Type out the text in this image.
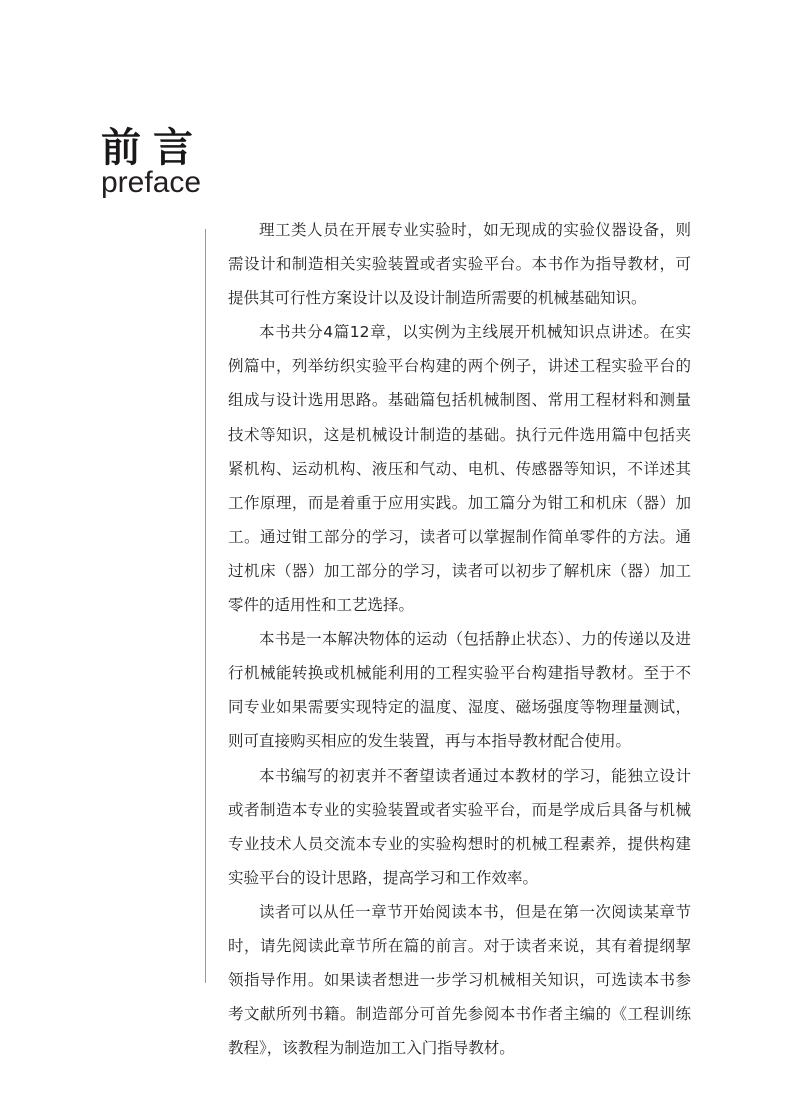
前言
preface

理工类人员在开展专业实验时，如无现成的实验仪器设备，则需设计和制造相关实验装置或者实验平台。本书作为指导教材，可提供其可行性方案设计以及设计制造所需要的机械基础知识。

本书共分4篇12章，以实例为主线展开机械知识点讲述。在实例篇中，列举纺织实验平台构建的两个例子，讲述工程实验平台的组成与设计选用思路。基础篇包括机械制图、常用工程材料和测量技术等知识，这是机械设计制造的基础。执行元件选用篇中包括夹紧机构、运动机构、液压和气动、电机、传感器等知识，不详述其工作原理，而是着重于应用实践。加工篇分为钳工和机床（器）加工。通过钳工部分的学习，读者可以掌握制作简单零件的方法。通过机床（器）加工部分的学习，读者可以初步了解机床（器）加工零件的适用性和工艺选择。

本书是一本解决物体的运动（包括静止状态）、力的传递以及进行机械能转换或机械能利用的工程实验平台构建指导教材。至于不同专业如果需要实现特定的温度、湿度、磁场强度等物理量测试，则可直接购买相应的发生装置，再与本指导教材配合使用。

本书编写的初衷并不奢望读者通过本教材的学习，能独立设计或者制造本专业的实验装置或者实验平台，而是学成后具备与机械专业技术人员交流本专业的实验构想时的机械工程素养，提供构建实验平台的设计思路，提高学习和工作效率。

读者可以从任一章节开始阅读本书，但是在第一次阅读某章节时，请先阅读此章节所在篇的前言。对于读者来说，其有着提纲挈领指导作用。如果读者想进一步学习机械相关知识，可选读本书参考文献所列书籍。制造部分可首先参阅本书作者主编的《工程训练教程》，该教程为制造加工入门指导教材。
